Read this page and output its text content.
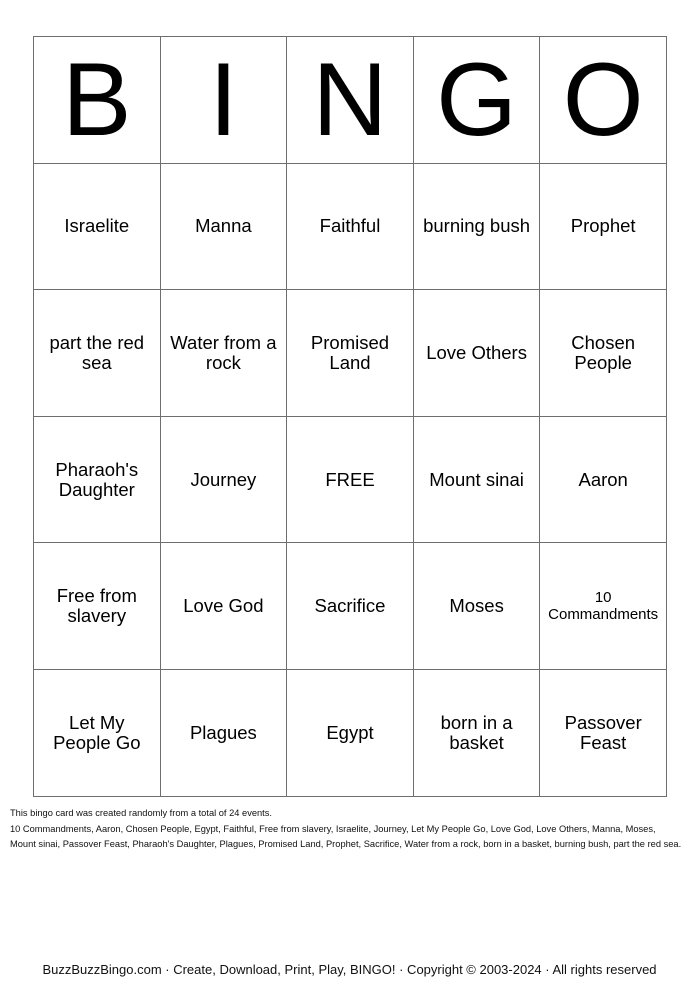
B	I	N	G	O
Israelite	Manna	Faithful	burning bush	Prophet
part the red sea	Water from a rock	Promised Land	Love Others	Chosen People
Pharaoh's Daughter	Journey	FREE	Mount sinai	Aaron
Free from slavery	Love God	Sacrifice	Moses	10 Commandments
Let My People Go	Plagues	Egypt	born in a basket	Passover Feast
This bingo card was created randomly from a total of 24 events.
10 Commandments, Aaron, Chosen People, Egypt, Faithful, Free from slavery, Israelite, Journey, Let My People Go, Love God, Love Others, Manna, Moses,
Mount sinai, Passover Feast, Pharaoh's Daughter, Plagues, Promised Land, Prophet, Sacrifice, Water from a rock, born in a basket, burning bush, part the red sea.
BuzzBuzzBingo.com · Create, Download, Print, Play, BINGO! · Copyright © 2003-2024 · All rights reserved
